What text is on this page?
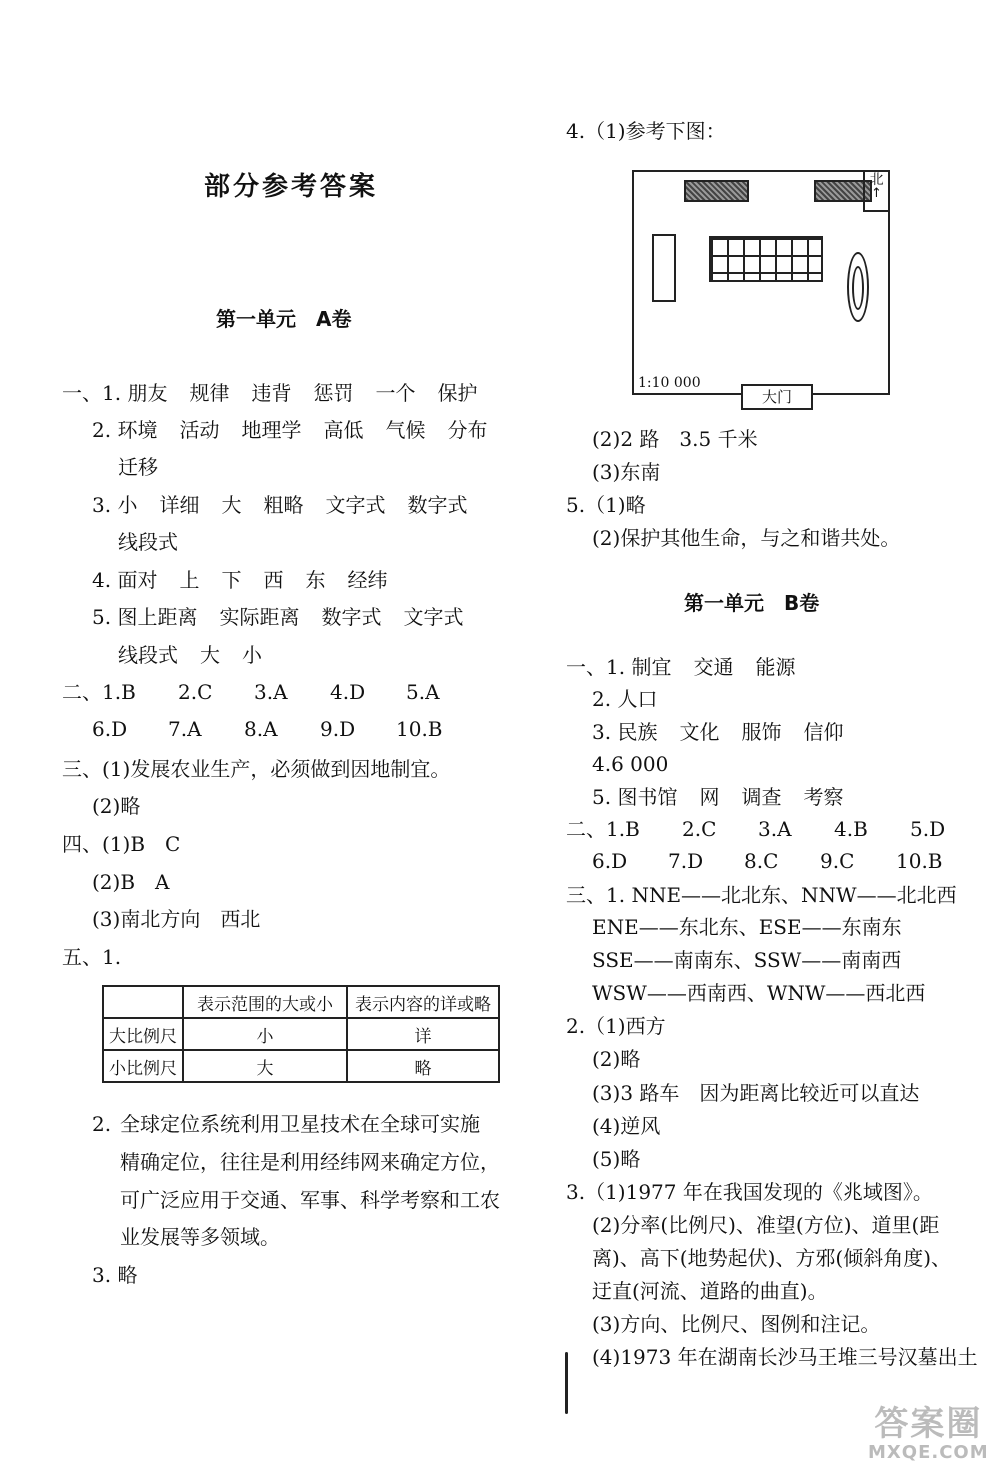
部分参考答案
第一单元　A卷
一、1. 朋友 规律 违背 惩罚 一个 保护
2. 环境 活动 地理学 高低 气候 分布
迁移
3. 小 详细 大 粗略 文字式 数字式
线段式
4. 面对 上 下 西 东 经纬
5. 图上距离 实际距离 数字式 文字式
线段式 大 小
二、1.B 2.C 3.A 4.D 5.A
6.D 7.A 8.A 9.D 10.B
三、(1)发展农业生产，必须做到因地制宜。
(2)略
四、(1)B　C
(2)B　A
(3)南北方向　西北
五、1.
	表示范围的大或小	表示内容的详或略
大比例尺	小	详
小比例尺	大	略
2. 全球定位系统利用卫星技术在全球可实施
精确定位，往往是利用经纬网来确定方位，
可广泛应用于交通、军事、科学考察和工农
业发展等多领域。
3. 略
4.（1)参考下图：
北
↑
1:10 000
大门
(2)2 路　3.5 千米
(3)东南
5.（1)略
(2)保护其他生命，与之和谐共处。
第一单元　B卷
一、1. 制宜 交通 能源
2. 人口
3. 民族 文化 服饰 信仰
4.6 000
5. 图书馆 网 调查 考察
二、1.B 2.C 3.A 4.B 5.D
6.D 7.D 8.C 9.C 10.B
三、1. NNE——北北东、NNW——北北西
ENE——东北东、ESE——东南东
SSE——南南东、SSW——南南西
WSW——西南西、WNW——西北西
2.（1)西方
(2)略
(3)3 路车　因为距离比较近可以直达
(4)逆风
(5)略
3.（1)1977 年在我国发现的《兆域图》。
(2)分率(比例尺)、准望(方位)、道里(距
离)、高下(地势起伏)、方邪(倾斜角度)、
迂直(河流、道路的曲直)。
(3)方向、比例尺、图例和注记。
(4)1973 年在湖南长沙马王堆三号汉墓出土
答案圈
MXQE.COM
